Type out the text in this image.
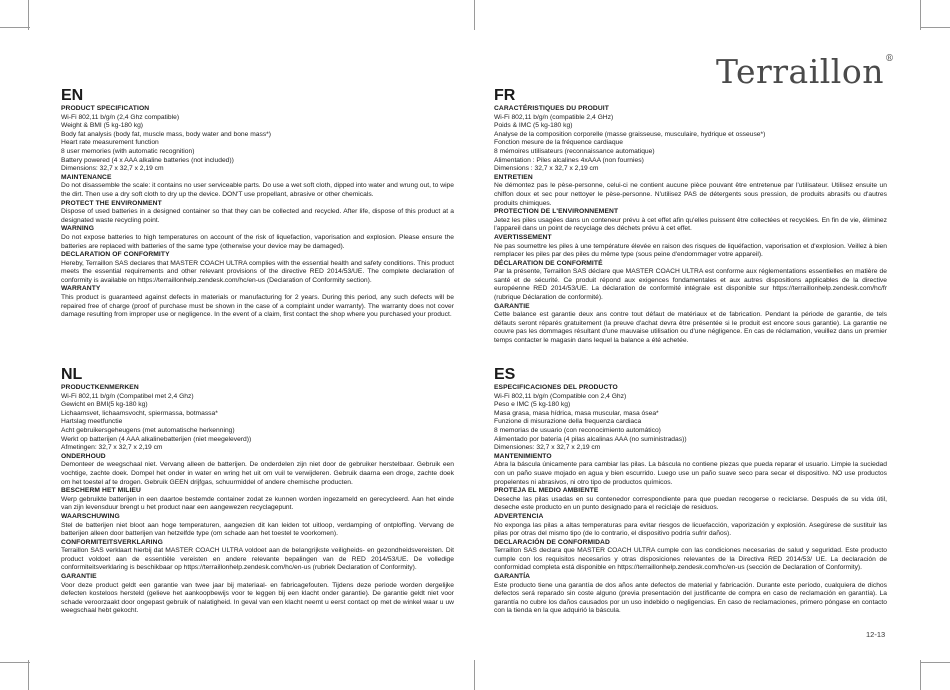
Terraillon®
EN
PRODUCT SPECIFICATION
Wi-Fi 802,11 b/g/n (2,4 Ghz compatible)
Weight & BMI (5 kg-180 kg)
Body fat analysis (body fat, muscle mass, body water and bone mass*)
Heart rate measurement function
8 user memories (with automatic recognition)
Battery powered (4 x AAA alkaline batteries (not included))
Dimensions: 32,7 x 32,7 x 2,19 cm
MAINTENANCE
Do not disassemble the scale: it contains no user serviceable parts. Do use a wet soft cloth, dipped into water and wrung out, to wipe the dirt. Then use a dry soft cloth to dry up the device. DON'T use propellant, abrasive or other chemicals.
PROTECT THE ENVIRONMENT
Dispose of used batteries in a designed container so that they can be collected and recycled. After life, dispose of this product at a designated waste recycling point.
WARNING
Do not expose batteries to high temperatures on account of the risk of liquefaction, vaporisation and explosion. Please ensure the batteries are replaced with batteries of the same type (otherwise your device may be damaged).
DECLARATION OF CONFORMITY
Hereby, Terraillon SAS declares that MASTER COACH ULTRA complies with the essential health and safety conditions. This product meets the essential requirements and other relevant provisions of the directive RED 2014/53/UE. The complete declaration of conformity is available on https://terraillonhelp.zendesk.com/hc/en-us (Declaration of Conformity section).
WARRANTY
This product is guaranteed against defects in materials or manufacturing for 2 years. During this period, any such defects will be repaired free of charge (proof of purchase must be shown in the case of a complaint under warranty). The warranty does not cover damage resulting from improper use or negligence. In the event of a claim, first contact the shop where you purchased your product.
NL
PRODUCTKENMERKEN
Wi-Fi 802,11 b/g/n (Compatibel met 2,4 Ghz)
Gewicht en BMI(5 kg-180 kg)
Lichaamsvet, lichaamsvocht, spiermassa, botmassa*
Hartslag meetfunctie
Acht gebruikersgeheugens (met automatische herkenning)
Werkt op batterijen (4 AAA alkalinebatterijen (niet meegeleverd))
Afmetingen: 32,7 x 32,7 x 2,19 cm
ONDERHOUD
Demonteer de weegschaal niet. Vervang alleen de batterijen. De onderdelen zijn niet door de gebruiker herstelbaar. Gebruik een vochtige, zachte doek. Dompel het onder in water en wring het uit om vuil te verwijderen. Gebruik daarna een droge, zachte doek om het toestel af te drogen. Gebruik GEEN drijfgas, schuurmiddel of andere chemische producten.
BESCHERM HET MILIEU
Werp gebruikte batterijen in een daartoe bestemde container zodat ze kunnen worden ingezameld en gerecycleerd. Aan het einde van zijn levensduur brengt u het product naar een aangewezen recyclagepunt.
WAARSCHUWING
Stel de batterijen niet bloot aan hoge temperaturen, aangezien dit kan leiden tot uitloop, verdamping of ontploffing. Vervang de batterijen alleen door batterijen van hetzelfde type (om schade aan het toestel te voorkomen).
CONFORMITEITSVERKLARING
Terraillon SAS verklaart hierbij dat MASTER COACH ULTRA voldoet aan de belangrijkste veiligheids- en gezondheidsvereisten. Dit product voldoet aan de essentiële vereisten en andere relevante bepalingen van de RED 2014/53/UE. De volledige conformiteitsverklaring is beschikbaar op https://terraillonhelp.zendesk.com/hc/en-us (rubriek Declaration of Conformity).
GARANTIE
Voor deze product geldt een garantie van twee jaar bij materiaal- en fabricagefouten. Tijdens deze periode worden dergelijke defecten kosteloos hersteld (gelieve het aankoopbewijs voor te leggen bij een klacht onder garantie). De garantie geldt niet voor schade veroorzaakt door ongepast gebruik of nalatigheid. In geval van een klacht neemt u eerst contact op met de winkel waar u uw weegschaal hebt gekocht.
FR
CARACTÉRISTIQUES DU PRODUIT
Wi-Fi 802,11 b/g/n (compatible 2,4 GHz)
Poids & IMC (5 kg-180 kg)
Analyse de la composition corporelle (masse graisseuse, musculaire, hydrique et osseuse*)
Fonction mesure de la fréquence cardiaque
8 mémoires utilisateurs (reconnaissance automatique)
Alimentation : Piles alcalines 4xAAA (non fournies)
Dimensions : 32,7 x 32,7 x 2,19 cm
ENTRETIEN
Ne démontez pas le pèse-personne, celui-ci ne contient aucune pièce pouvant être entretenue par l'utilisateur. Utilisez ensuite un chiffon doux et sec pour nettoyer le pèse-personne. N'utilisez PAS de détergents sous pression, de produits abrasifs ou d'autres produits chimiques.
PROTECTION DE L'ENVIRONNEMENT
Jetez les piles usagées dans un conteneur prévu à cet effet afin qu'elles puissent être collectées et recyclées. En fin de vie, éliminez l'appareil dans un point de recyclage des déchets prévu à cet effet.
AVERTISSEMENT
Ne pas soumettre les piles à une température élevée en raison des risques de liquéfaction, vaporisation et d'explosion. Veillez à bien remplacer les piles par des piles du même type (sous peine d'endommager votre appareil).
DÉCLARATION DE CONFORMITÉ
Par la présente, Terraillon SAS déclare que MASTER COACH ULTRA est conforme aux réglementations essentielles en matière de santé et de sécurité. Ce produit répond aux exigences fondamentales et aux autres dispositions applicables de la directive européenne RED 2014/53/UE. La déclaration de conformité intégrale est disponible sur https://terraillonhelp.zendesk.com/hc/fr (rubrique Déclaration de conformité).
GARANTIE
Cette balance est garantie deux ans contre tout défaut de matériaux et de fabrication. Pendant la période de garantie, de tels défauts seront réparés gratuitement (la preuve d'achat devra être présentée si le produit est encore sous garantie). La garantie ne couvre pas les dommages résultant d'une mauvaise utilisation ou d'une négligence. En cas de réclamation, veuillez dans un premier temps contacter le magasin dans lequel la balance a été achetée.
ES
ESPECIFICACIONES DEL PRODUCTO
Wi-Fi 802,11 b/g/n (Compatible con 2,4 Ghz)
Peso e IMC (5 kg-180 kg)
Masa grasa, masa hídrica, masa muscular, masa ósea*
Funzione di misurazione della frequenza cardiaca
8 memorias de usuario (con reconocimiento automático)
Alimentado por batería (4 pilas alcalinas AAA (no suministradas))
Dimensiones: 32,7 x 32,7 x 2,19 cm
MANTENIMIENTO
Abra la báscula únicamente para cambiar las pilas. La báscula no contiene piezas que pueda reparar el usuario. Limpie la suciedad con un paño suave mojado en agua y bien escurrido. Luego use un paño suave seco para secar el dispositivo. NO use productos propelentes ni abrasivos, ni otro tipo de productos químicos.
PROTEJA EL MEDIO AMBIENTE
Deseche las pilas usadas en su contenedor correspondiente para que puedan recogerse o reciclarse. Después de su vida útil, deseche este producto en un punto designado para el reciclaje de residuos.
ADVERTENCIA
No exponga las pilas a altas temperaturas para evitar riesgos de licuefacción, vaporización y explosión. Asegúrese de sustituir las pilas por otras del mismo tipo (de lo contrario, el dispositivo podría sufrir daños).
DECLARACIÓN DE CONFORMIDAD
Terraillon SAS declara que MASTER COACH ULTRA cumple con las condiciones necesarias de salud y seguridad. Este producto cumple con los requisitos necesarios y otras disposiciones relevantes de la Directiva RED 2014/53/ UE. La declaración de conformidad completa está disponible en https://terraillonhelp.zendesk.com/hc/en-us (sección de Declaration of Conformity).
GARANTÍA
Este producto tiene una garantía de dos años ante defectos de material y fabricación. Durante este período, cualquiera de dichos defectos será reparado sin coste alguno (previa presentación del justificante de compra en caso de reclamación en garantía). La garantía no cubre los daños causados por un uso indebido o negligencias. En caso de reclamaciones, primero póngase en contacto con la tienda en la que adquirió la báscula.
12-13
